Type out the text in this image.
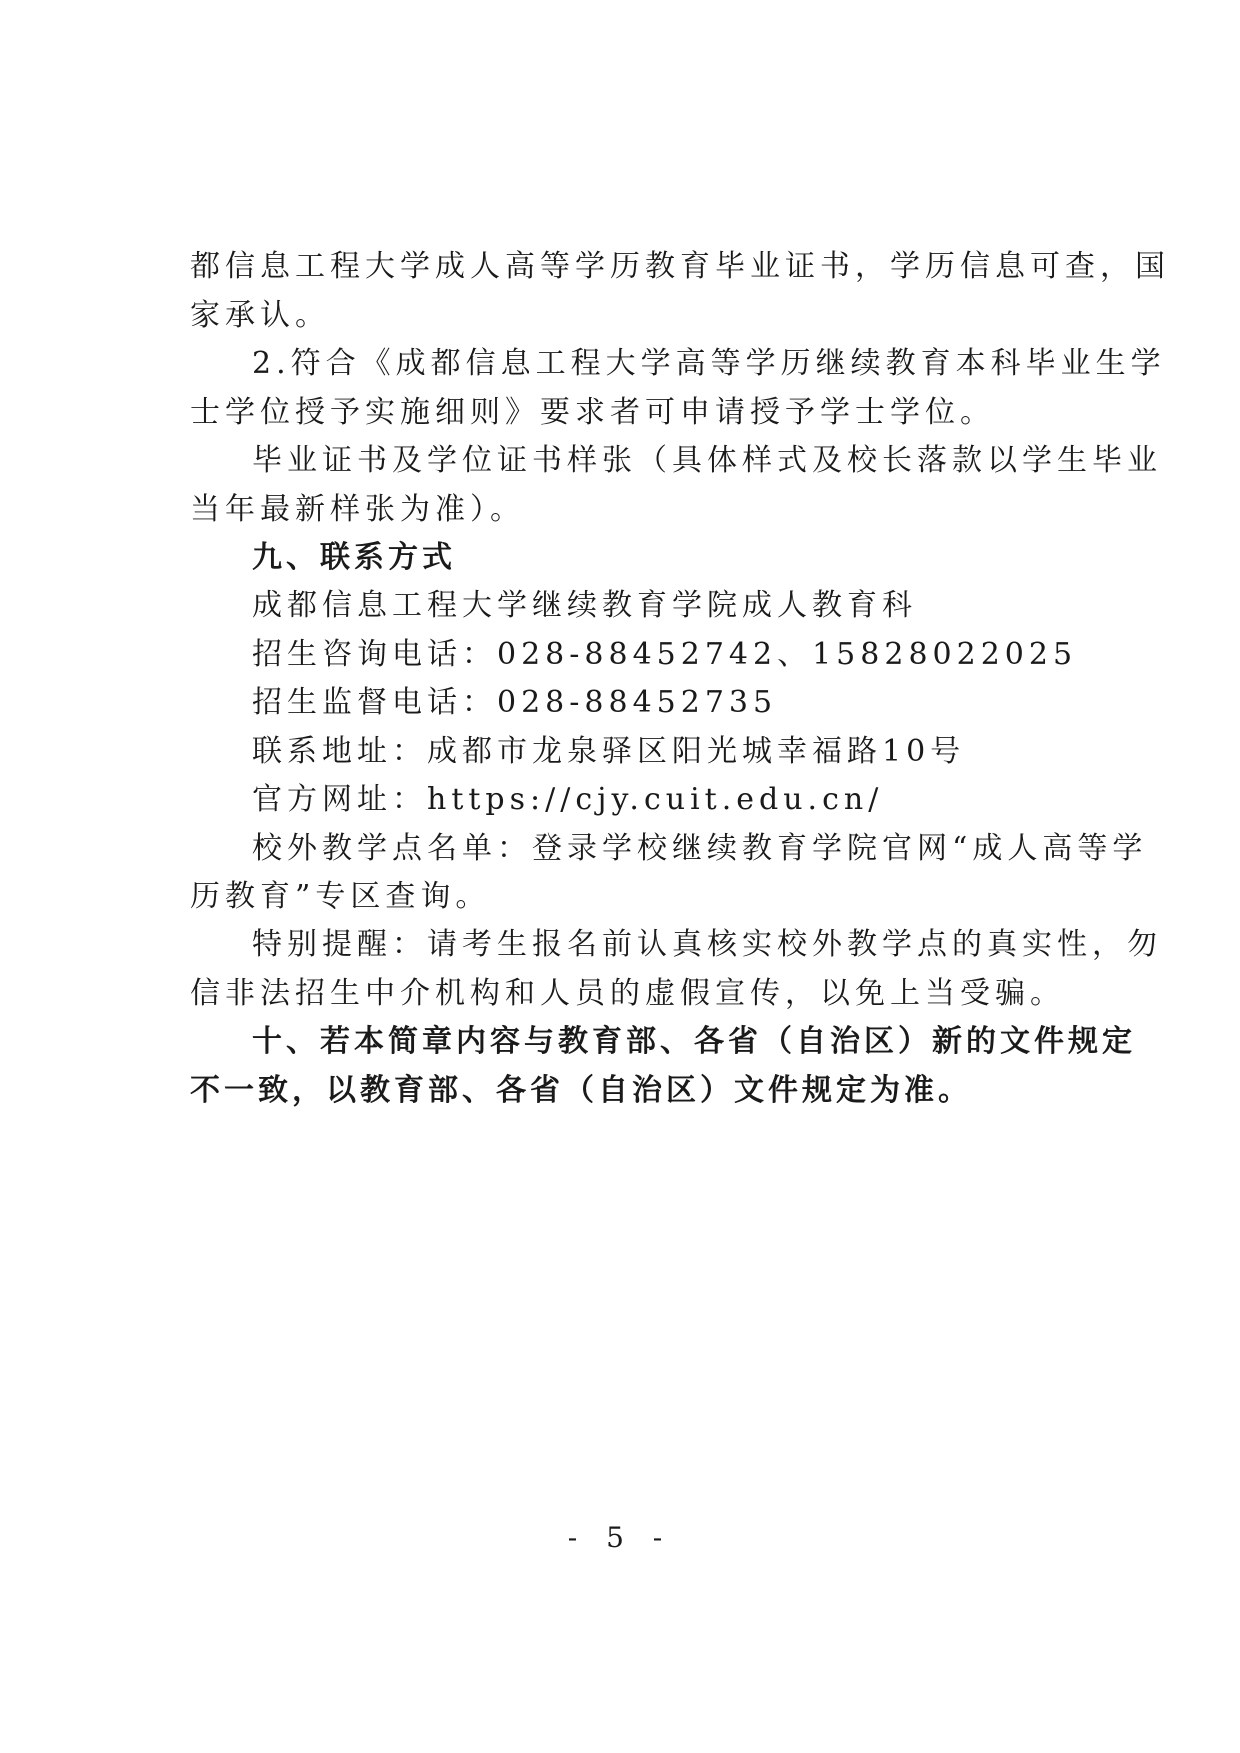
都信息工程大学成人高等学历教育毕业证书，学历信息可查，国
家承认。
2.符合《成都信息工程大学高等学历继续教育本科毕业生学
士学位授予实施细则》要求者可申请授予学士学位。
毕业证书及学位证书样张（具体样式及校长落款以学生毕业
当年最新样张为准）。
九、联系方式
成都信息工程大学继续教育学院成人教育科
招生咨询电话：028-88452742、15828022025
招生监督电话：028-88452735
联系地址：成都市龙泉驿区阳光城幸福路10号
官方网址：https://cjy.cuit.edu.cn/
校外教学点名单：登录学校继续教育学院官网“成人高等学
历教育”专区查询。
特别提醒：请考生报名前认真核实校外教学点的真实性，勿
信非法招生中介机构和人员的虚假宣传，以免上当受骗。
十、若本简章内容与教育部、各省（自治区）新的文件规定
不一致，以教育部、各省（自治区）文件规定为准。
- 5 -
